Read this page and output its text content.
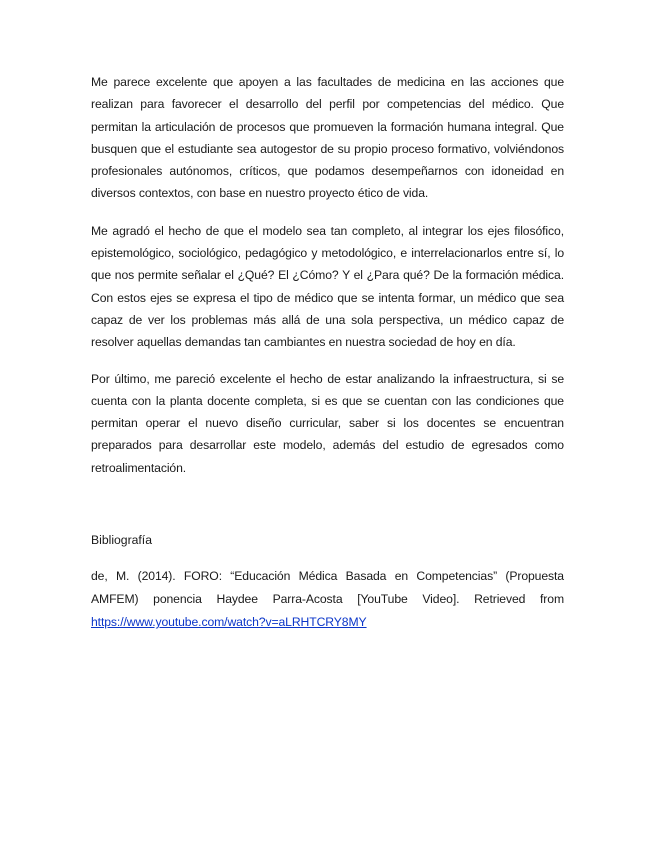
Me parece excelente que apoyen a las facultades de medicina en las acciones que realizan para favorecer el desarrollo del perfil por competencias del médico. Que permitan la articulación de procesos que promueven la formación humana integral. Que busquen que el estudiante sea autogestor de su propio proceso formativo, volviéndonos profesionales autónomos, críticos, que podamos desempeñarnos con idoneidad en diversos contextos, con base en nuestro proyecto ético de vida.

Me agradó el hecho de que el modelo sea tan completo, al integrar los ejes filosófico, epistemológico, sociológico, pedagógico y metodológico, e interrelacionarlos entre sí, lo que nos permite señalar el ¿Qué? El ¿Cómo? Y el ¿Para qué? De la formación médica. Con estos ejes se expresa el tipo de médico que se intenta formar, un médico que sea capaz de ver los problemas más allá de una sola perspectiva, un médico capaz de resolver aquellas demandas tan cambiantes en nuestra sociedad de hoy en día.

Por último, me pareció excelente el hecho de estar analizando la infraestructura, si se cuenta con la planta docente completa, si es que se cuentan con las condiciones que permitan operar el nuevo diseño curricular, saber si los docentes se encuentran preparados para desarrollar este modelo, además del estudio de egresados como retroalimentación.

Bibliografía

de, M. (2014). FORO: “Educación Médica Basada en Competencias” (Propuesta AMFEM) ponencia Haydee Parra-Acosta [YouTube Video]. Retrieved from https://www.youtube.com/watch?v=aLRHTCRY8MY
